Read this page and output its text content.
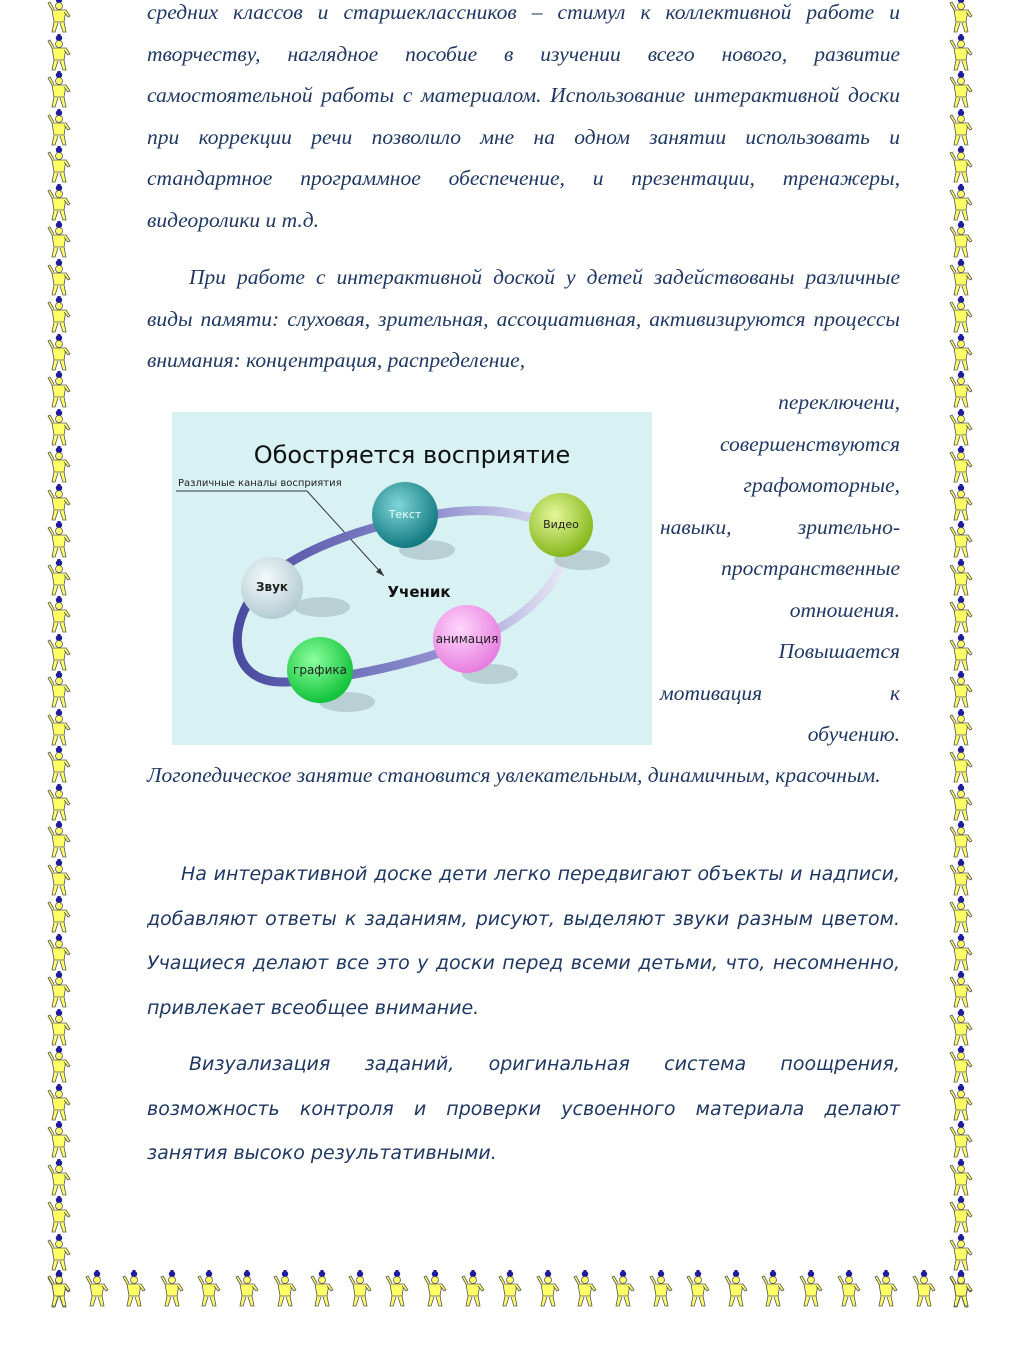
средних классов и старшеклассников – стимул к коллективной работе и творчеству, наглядное пособие в изучении всего нового, развитие самостоятельной работы с материалом. Использование интерактивной доски при коррекции речи позволило мне на одном занятии использовать и стандартное программное обеспечение, и презентации, тренажеры, видеоролики и т.д.
При работе с интерактивной доской у детей задействованы различные виды памяти: слуховая, зрительная, ассоциативная, активизируются процессы внимания: концентрация, распределение,
переключени,
совершенствуются
графомоторные,
навыки,	зрительно-
пространственные
отношения.
Повышается
мотивация	к
обучению.
Обостряется восприятие
Различные каналы восприятия
Текст
Видео
Звук
анимация
графика
Ученик
Логопедическое занятие становится увлекательным, динамичным, красочным.
На интерактивной доске дети легко передвигают объекты и надписи, добавляют ответы к заданиям, рисуют, выделяют звуки разным цветом. Учащиеся делают все это у доски перед всеми детьми, что, несомненно, привлекает всеобщее внимание.
Визуализация заданий, оригинальная система поощрения, возможность контроля и проверки усвоенного материала делают занятия высоко результативными.
